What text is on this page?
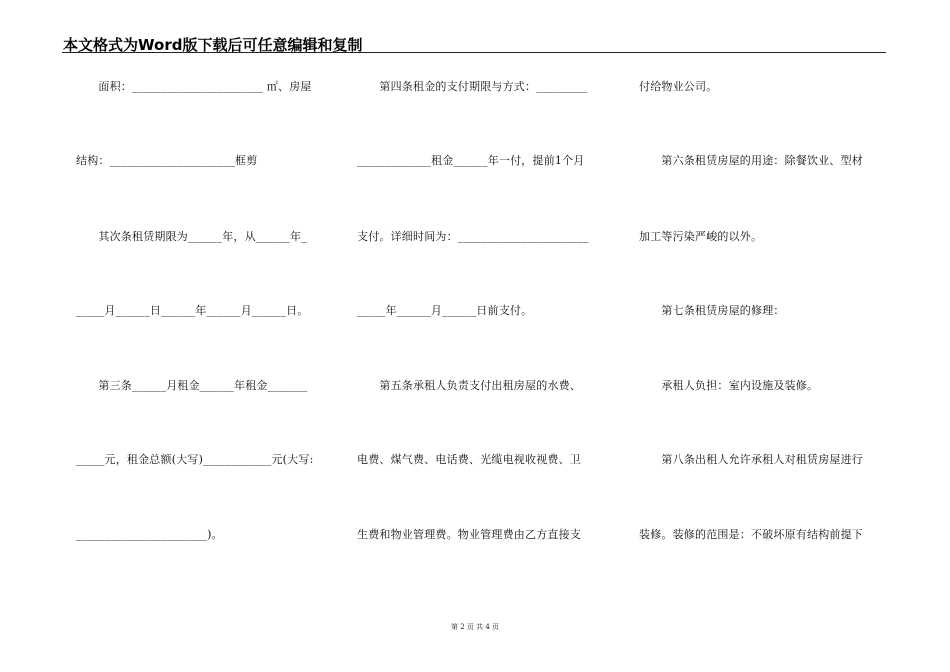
本文格式为Word版下载后可任意编辑和复制
　　面积：_______________________ ㎡、房屋
结构：______________________框剪
　　其次条租赁期限为______年，从______年_
_____月______日______年______月______日。
　　第三条______月租金______年租金_______
_____元，租金总额(大写)____________元(大写:
_______________________)。
　　第四条租金的支付期限与方式：_________
_____________租金______年一付，提前1个月
支付。详细时间为：_______________________
_____年______月______日前支付。
　　第五条承租人负责支付出租房屋的水费、
电费、煤气费、电话费、光缆电视收视费、卫
生费和物业管理费。物业管理费由乙方直接支
付给物业公司。
　　第六条租赁房屋的用途：除餐饮业、型材
加工等污染严峻的以外。
　　第七条租赁房屋的修理：
　　承租人负担：室内设施及装修。
　　第八条出租人允许承租人对租赁房屋进行
装修。装修的范围是：不破坏原有结构前提下
第 2 页 共 4 页
